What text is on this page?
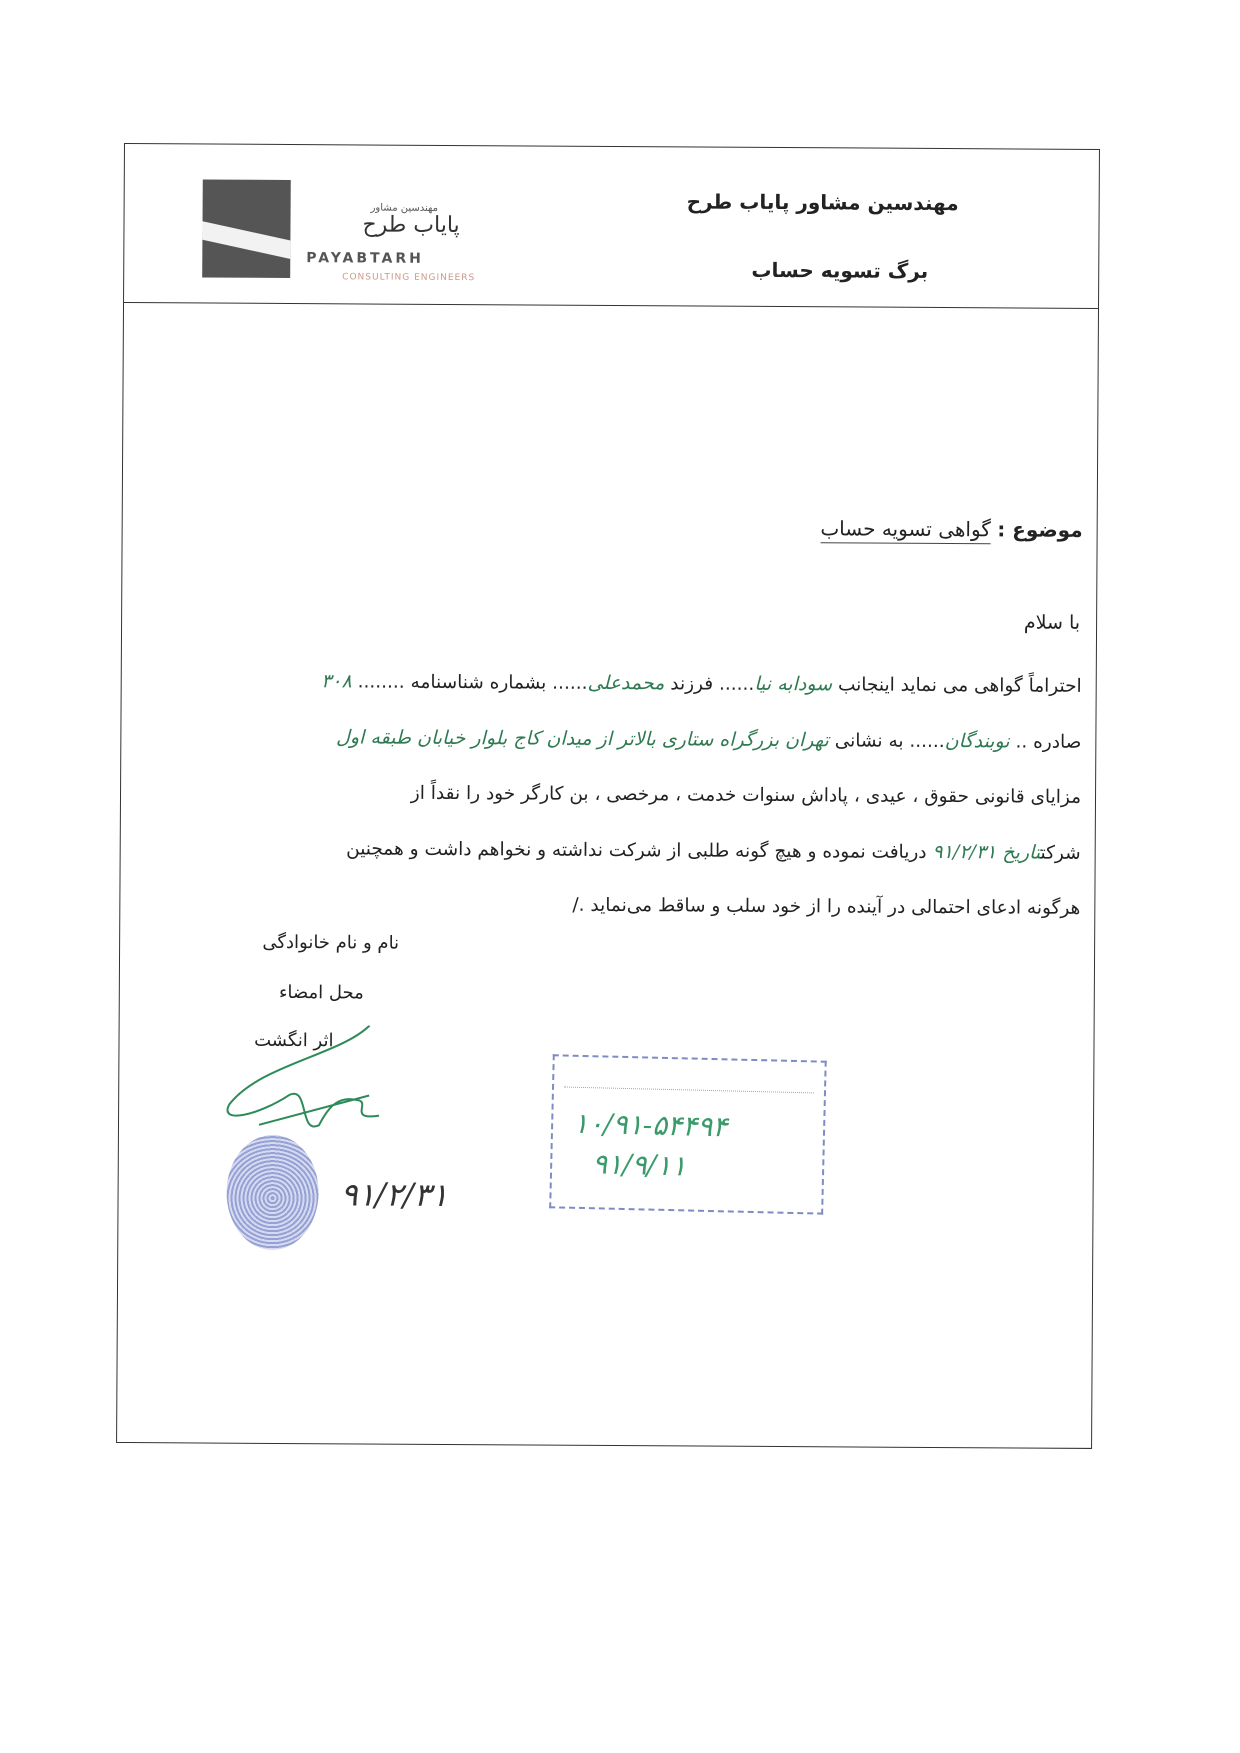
مهندسین مشاور پایاب طرح
برگ تسویه حساب
مهندسین مشاور
پایاب طرح
PAYABTARH
CONSULTING ENGINEERS
موضوع : گواهی تسویه حساب
با سلام

احتراماً گواهی می نماید اینجانب سودابه نیا...... فرزند محمدعلی...... بشماره شناسنامه ........ ۳۰۸

صادره .. نوبندگان...... به نشانی تهران بزرگراه ستاری بالاتر از میدان کاج بلوار خیابان طبقه اول

مزایای قانونی حقوق ، عیدی ، پاداش سنوات خدمت ، مرخصی ، بن کارگر خود را نقداً از

شرکتتاریخ ۹۱/۲/۳۱ دریافت نموده و هیچ گونه طلبی از شرکت نداشته و نخواهم داشت و همچنین

هرگونه ادعای احتمالی در آینده را از خود سلب و ساقط می‌نماید ./

نام و نام خانوادگی
محل امضاء
اثر انگشت
۹۱/۲/۳۱
۱۰/۹۱-۵۴۴۹۴
۹۱/۹/۱۱
